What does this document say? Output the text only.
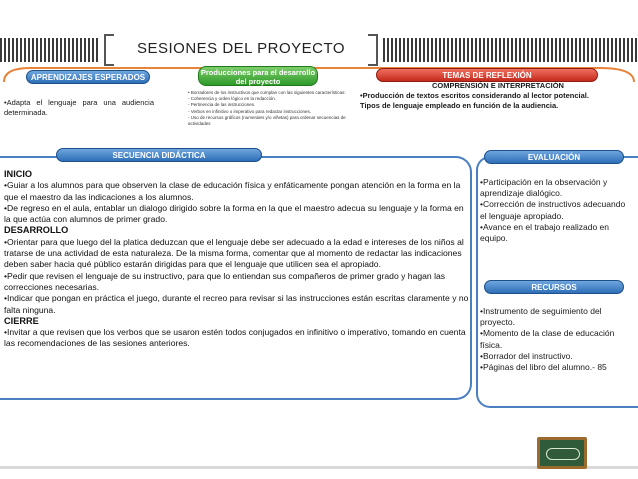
SESIONES DEL PROYECTO
APRENDIZAJES ESPERADOS
Producciones para el desarrollo del proyecto
TEMAS DE REFLEXIÓN
•Adapta el lenguaje para una audiencia determinada.
• Borradores de los instructivos que cumplan con las siguientes características:
- Coherencia y orden lógico en la redacción.
- Pertinencia de las instrucciones.
- Verbos en infinitivo o imperativo para redactar instrucciones.
- Uso de recursos gráficos (numerales y/o viñetas) para ordenar secuencias de actividades
COMPRENSIÓN E INTERPRETACIÓN
•Producción de textos escritos considerando al lector potencial.
Tipos de lenguaje empleado en función de la audiencia.
SECUENCIA DIDÁCTICA
INICIO
•Guiar a los alumnos para que observen la clase de educación física y enfáticamente pongan atención en la forma en la que el maestro da las indicaciones a los alumnos.
•De regreso en el aula, entablar un dialogo dirigido sobre la forma en la que el maestro adecua su lenguaje y la forma en la que actúa con alumnos de primer grado.
DESARROLLO
•Orientar para que luego del la platica deduzcan que el lenguaje debe ser adecuado a la edad e intereses de los niños al tratarse de una actividad de esta naturaleza. De la misma forma, comentar que al momento de redactar las indicaciones deben saber hacia qué público estarán dirigidas para que el lenguaje que utilicen sea el apropiado.
•Pedir que revisen el lenguaje de su instructivo, para que lo entiendan sus compañeros de primer grado y hagan las correcciones necesarias.
•Indicar que pongan en práctica el juego, durante el recreo para revisar si las instrucciones están escritas claramente y no falta ninguna.
CIERRE
•Invitar a que revisen que los verbos que se usaron estén todos conjugados en infinitivo o imperativo, tomando en cuenta las recomendaciones de las sesiones anteriores.
EVALUACIÓN
•Participación en la observación y aprendizaje dialógico.
•Corrección de instructivos adecuando el lenguaje apropiado.
•Avance en el trabajo realizado en equipo.
RECURSOS
•Instrumento de seguimiento del proyecto.
•Momento de la clase de educación física.
•Borrador del instructivo.
•Páginas del libro del alumno.- 85
